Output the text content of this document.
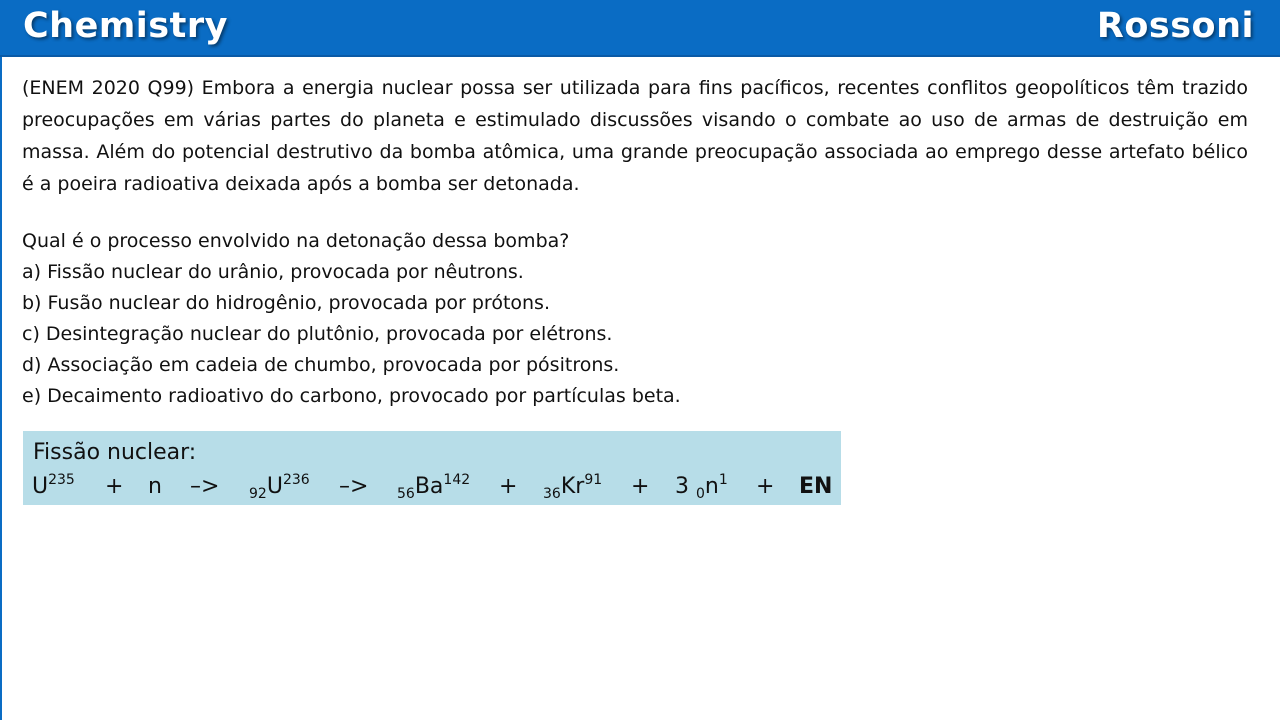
Chemistry	Rossoni
(ENEM 2020 Q99) Embora a energia nuclear possa ser utilizada para fins pacíficos, recentes conflitos geopolíticos têm trazido preocupações em várias partes do planeta e estimulado discussões visando o combate ao uso de armas de destruição em massa. Além do potencial destrutivo da bomba atômica, uma grande preocupação associada ao emprego desse artefato bélico é a poeira radioativa deixada após a bomba ser detonada.
Qual é o processo envolvido na detonação dessa bomba?
a) Fissão nuclear do urânio, provocada por nêutrons.
b) Fusão nuclear do hidrogênio, provocada por prótons.
c) Desintegração nuclear do plutônio, provocada por elétrons.
d) Associação em cadeia de chumbo, provocada por pósitrons.
e) Decaimento radioativo do carbono, provocado por partículas beta.
Fissão nuclear:
$U^{235} + n -> _{92}U^{236} -> _{56}Ba^{142} + _{36}Kr^{91} + 3$ $_0n^1$ + EN
